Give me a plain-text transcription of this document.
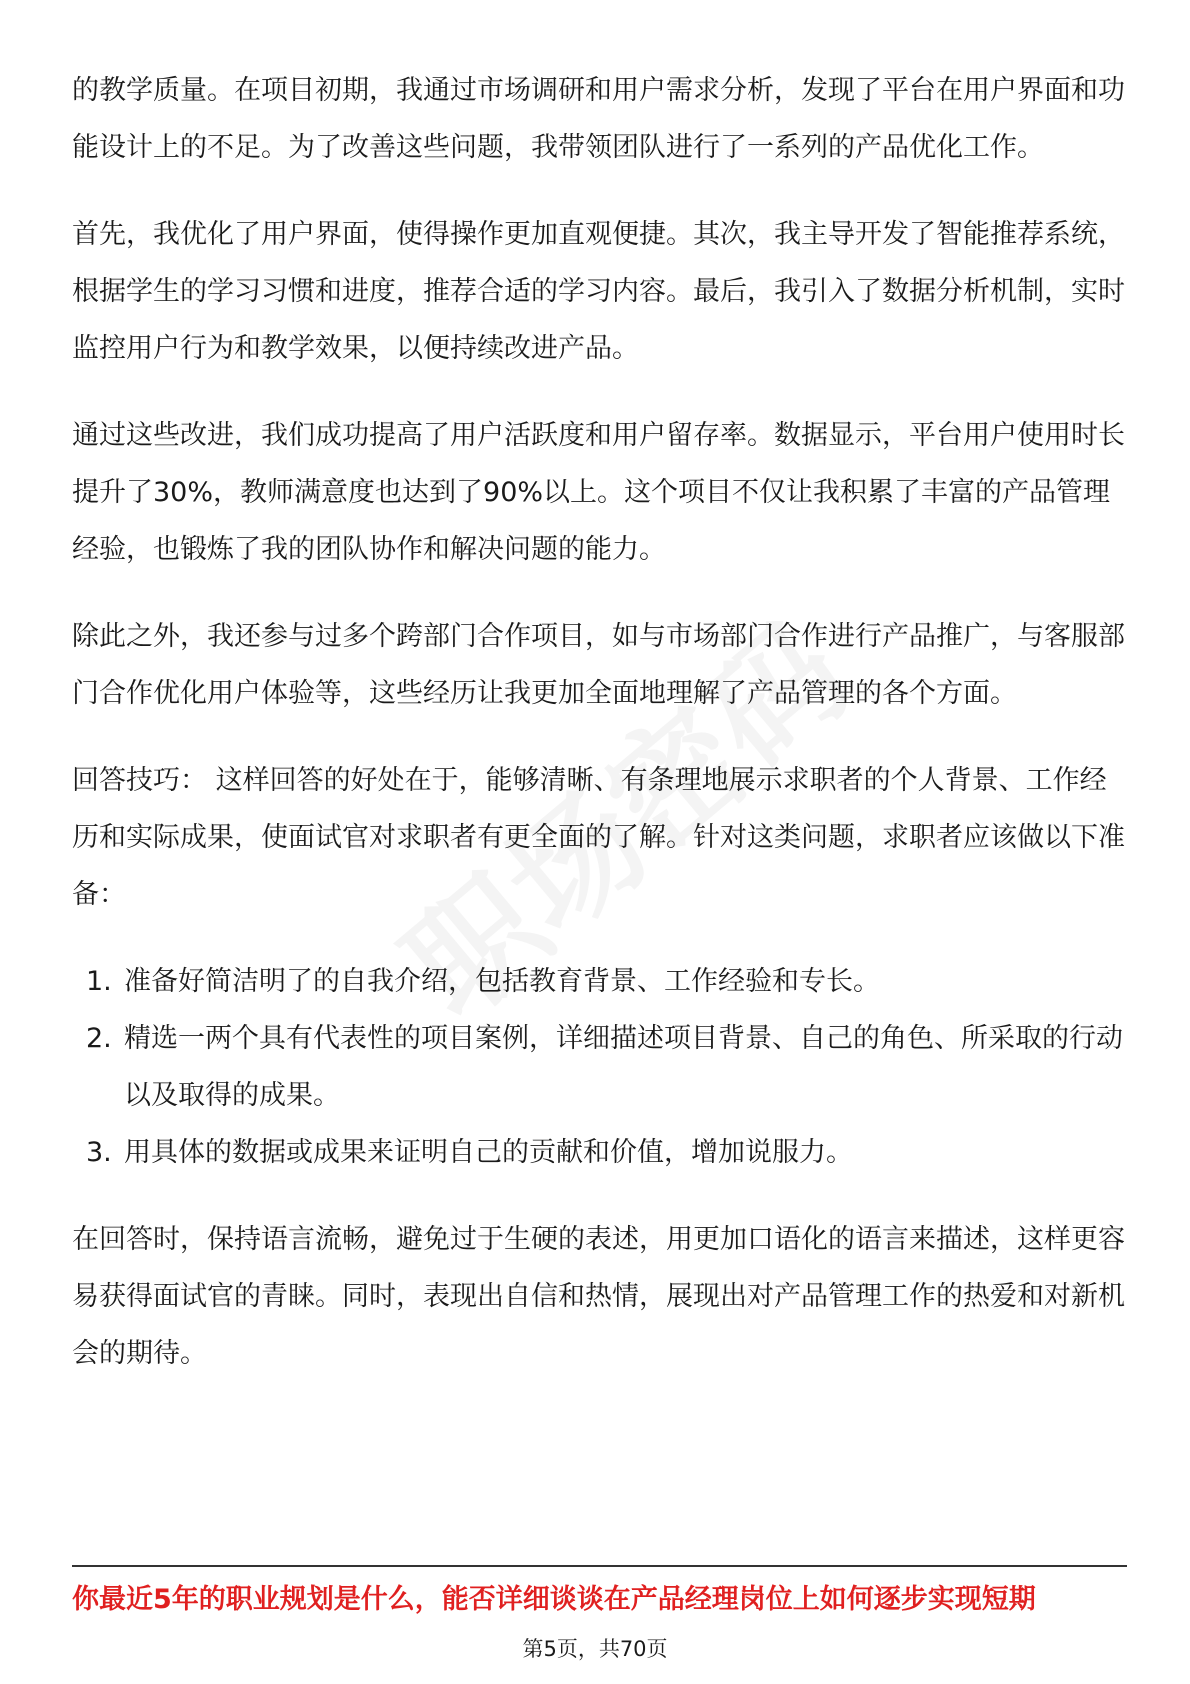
的教学质量。在项目初期，我通过市场调研和用户需求分析，发现了平台在用户界面和功能设计上的不足。为了改善这些问题，我带领团队进行了一系列的产品优化工作。

首先，我优化了用户界面，使得操作更加直观便捷。其次，我主导开发了智能推荐系统，根据学生的学习习惯和进度，推荐合适的学习内容。最后，我引入了数据分析机制，实时监控用户行为和教学效果，以便持续改进产品。

通过这些改进，我们成功提高了用户活跃度和用户留存率。数据显示，平台用户使用时长提升了30%，教师满意度也达到了90%以上。这个项目不仅让我积累了丰富的产品管理经验，也锻炼了我的团队协作和解决问题的能力。

除此之外，我还参与过多个跨部门合作项目，如与市场部门合作进行产品推广，与客服部门合作优化用户体验等，这些经历让我更加全面地理解了产品管理的各个方面。

回答技巧： 这样回答的好处在于，能够清晰、有条理地展示求职者的个人背景、工作经历和实际成果，使面试官对求职者有更全面的了解。针对这类问题，求职者应该做以下准备：

1. 准备好简洁明了的自我介绍，包括教育背景、工作经验和专长。
2. 精选一两个具有代表性的项目案例，详细描述项目背景、自己的角色、所采取的行动以及取得的成果。
3. 用具体的数据或成果来证明自己的贡献和价值，增加说服力。

在回答时，保持语言流畅，避免过于生硬的表述，用更加口语化的语言来描述，这样更容易获得面试官的青睐。同时，表现出自信和热情，展现出对产品管理工作的热爱和对新机会的期待。

你最近5年的职业规划是什么，能否详细谈谈在产品经理岗位上如何逐步实现短期
第5页，共70页
